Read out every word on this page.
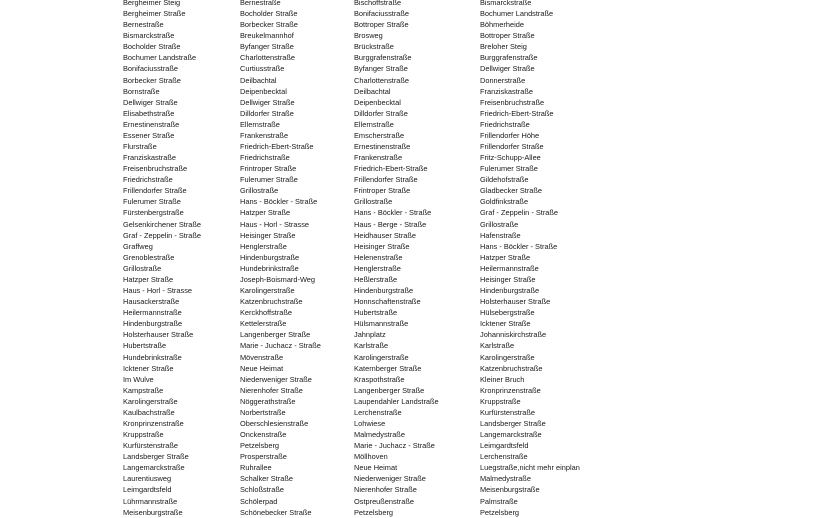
Bergheimer Steig
Bergheimer Straße
Bernestraße
Bismarckstraße
Bocholder Straße
Bochumer Landstraße
Bonifaciusstraße
Borbecker Straße
Bornstraße
Dellwiger Straße
Elisabethstraße
Ernestinenstraße
Essener Straße
Flurstraße
Franziskastraße
Freisenbruchstraße
Friedrichstraße
Frillendorfer Straße
Fulerumer Straße
Fürstenbergstraße
Gelsenkirchener Straße
Graf - Zeppelin - Straße
Graffweg
Grenoblestraße
Grillostraße
Hatzper Straße
Haus - Horl - Strasse
Hausackerstraße
Heilermannstraße
Hindenburgstraße
Holsterhauser Straße
Hubertstraße
Hundebrinkstraße
Icktener Straße
Im Wulve
Kampstraße
Karolingerstraße
Kaulbachstraße
Kronprinzenstraße
Kruppstraße
Kurfürstenstraße
Landsberger Straße
Langemarckstraße
Laurentiusweg
Leimgardtsfeld
Lührmannstraße
Meisenburgstraße
Bernestraße
Bocholder Straße
Borbecker Straße
Breukelmannhof
Byfanger Straße
Charlottenstraße
Curtiusstraße
Deilbachtal
Deipenbecktal
Dellwiger Straße
Dilldorfer Straße
Ellernstraße
Frankenstraße
Friedrich-Ebert-Straße
Friedrichstraße
Frintroper Straße
Fulerumer Straße
Grillostraße
Hans - Böckler - Straße
Hatzper Straße
Haus - Horl - Strasse
Heisinger Straße
Henglerstraße
Hindenburgstraße
Hundebrinkstraße
Joseph-Boismard-Weg
Karolingerstraße
Katzenbruchstraße
Kerckhoffstraße
Kettelerstraße
Langenberger Straße
Marie - Juchacz - Straße
Mövenstraße
Neue Heimat
Niederweniger Straße
Nierenhofer Straße
Nöggerathstraße
Norbertstraße
Oberschlesienstraße
Onckenstraße
Petzelsberg
Prosperstraße
Ruhrallee
Schalker Straße
Schloßstraße
Schölerpad
Schönebecker Straße
Bischoffstraße
Bonifaciusstraße
Bottroper Straße
Brosweg
Brückstraße
Burggrafenstraße
Byfanger Straße
Charlottenstraße
Deilbachtal
Deipenbecktal
Dilldorfer Straße
Ellernstraße
Emscherstraße
Ernestinenstraße
Frankenstraße
Friedrich-Ebert-Straße
Frillendorfer Straße
Frintroper Straße
Grillostraße
Hans - Böckler - Straße
Haus - Berge - Straße
Heidhauser Straße
Heisinger Straße
Helenenstraße
Henglerstraße
Heßlerstraße
Hindenburgstraße
Honnschaftenstraße
Hubertstraße
Hülsmannstraße
Jahnplatz
Karlstraße
Karolingerstraße
Katernberger Straße
Kraspothstraße
Langenberger Straße
Laupendahler Landstraße
Lerchenstraße
Lohwiese
Malmedystraße
Marie - Juchacz - Straße
Möllhoven
Neue Heimat
Niederweniger Straße
Nierenhofer Straße
Ostpreußenstraße
Petzelsberg
Bismarckstraße
Bochumer Landstraße
Böhmerheide
Bottroper Straße
Breloher Steig
Burggrafenstraße
Dellwiger Straße
Donnerstraße
Franziskastraße
Freisenbruchstraße
Friedrich-Ebert-Straße
Friedrichstraße
Frillendorfer Höhe
Frillendorfer Straße
Fritz-Schupp-Allee
Fulerumer Straße
Gildehofstraße
Gladbecker Straße
Goldfinkstraße
Graf - Zeppelin - Straße
Grillostraße
Hafenstraße
Hans - Böckler - Straße
Hatzper Straße
Heilermannstraße
Heisinger Straße
Hindenburgstraße
Holsterhauser Straße
Hülsebergstraße
Icktener Straße
Johanniskirchstraße
Karlstraße
Karolingerstraße
Katzenbruchstraße
Kleiner Bruch
Kronprinzenstraße
Kruppstraße
Kurfürstenstraße
Landsberger Straße
Langemarckstraße
Leimgardtsfeld
Lerchenstraße
Luegstraße,nicht mehr einplan
Malmedystraße
Meisenburgstraße
Palmstraße
Petzelsberg
